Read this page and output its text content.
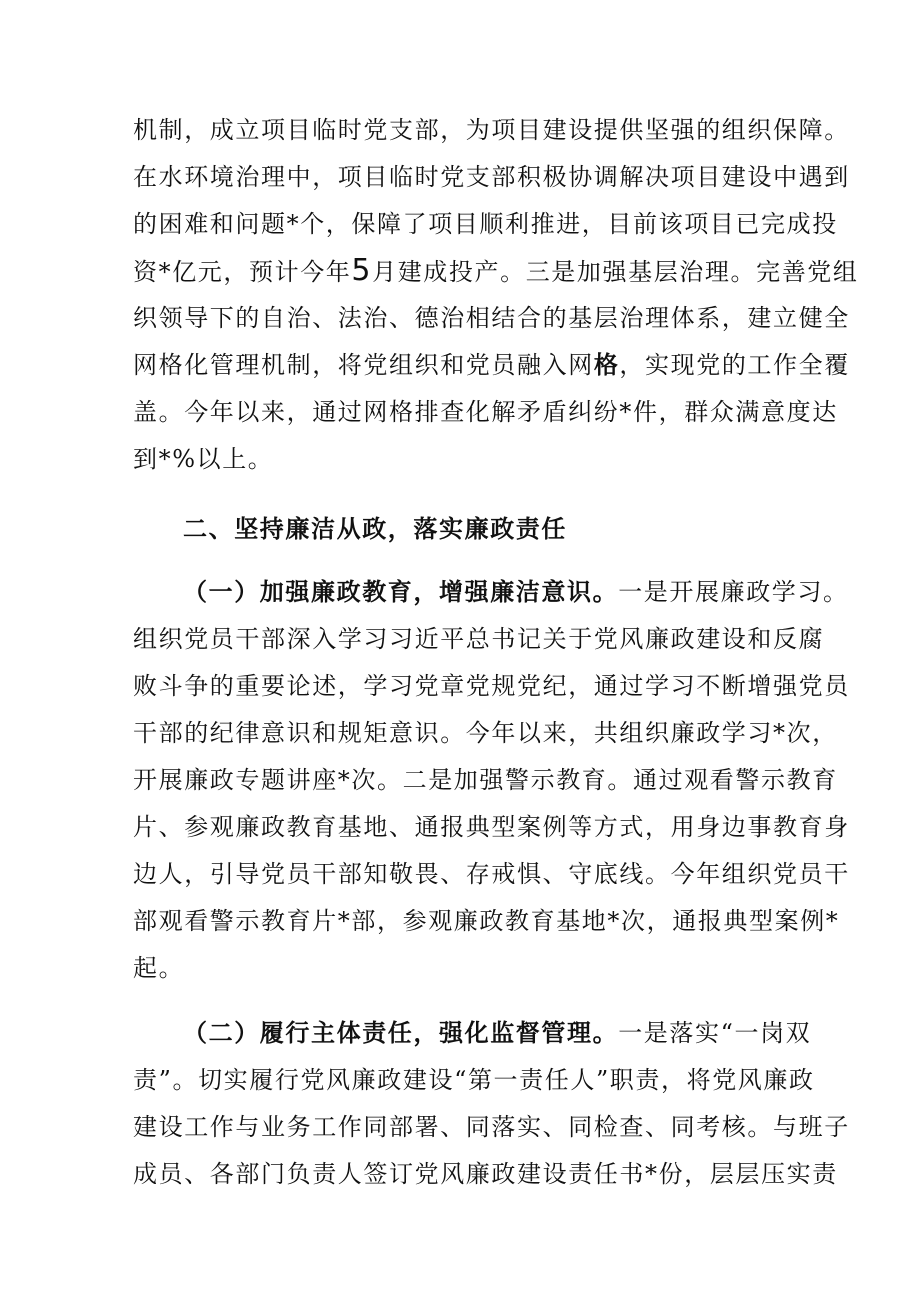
机制，成立项目临时党支部，为项目建设提供坚强的组织保障。
在水环境治理中，项目临时党支部积极协调解决项目建设中遇到
的困难和问题*个，保障了项目顺利推进，目前该项目已完成投
资*亿元，预计今年5月建成投产。三是加强基层治理。完善党组
织领导下的自治、法治、德治相结合的基层治理体系，建立健全
网格化管理机制，将党组织和党员融入网格，实现党的工作全覆
盖。今年以来，通过网格排查化解矛盾纠纷*件，群众满意度达
到*%以上。
二、坚持廉洁从政，落实廉政责任
（一）加强廉政教育，增强廉洁意识。一是开展廉政学习。
组织党员干部深入学习习近平总书记关于党风廉政建设和反腐
败斗争的重要论述，学习党章党规党纪，通过学习不断增强党员
干部的纪律意识和规矩意识。今年以来，共组织廉政学习*次，
开展廉政专题讲座*次。二是加强警示教育。通过观看警示教育
片、参观廉政教育基地、通报典型案例等方式，用身边事教育身
边人，引导党员干部知敬畏、存戒惧、守底线。今年组织党员干
部观看警示教育片*部，参观廉政教育基地*次，通报典型案例*
起。
（二）履行主体责任，强化监督管理。一是落实“一岗双
责”。切实履行党风廉政建设“第一责任人”职责，将党风廉政
建设工作与业务工作同部署、同落实、同检查、同考核。与班子
成员、各部门负责人签订党风廉政建设责任书*份，层层压实责
